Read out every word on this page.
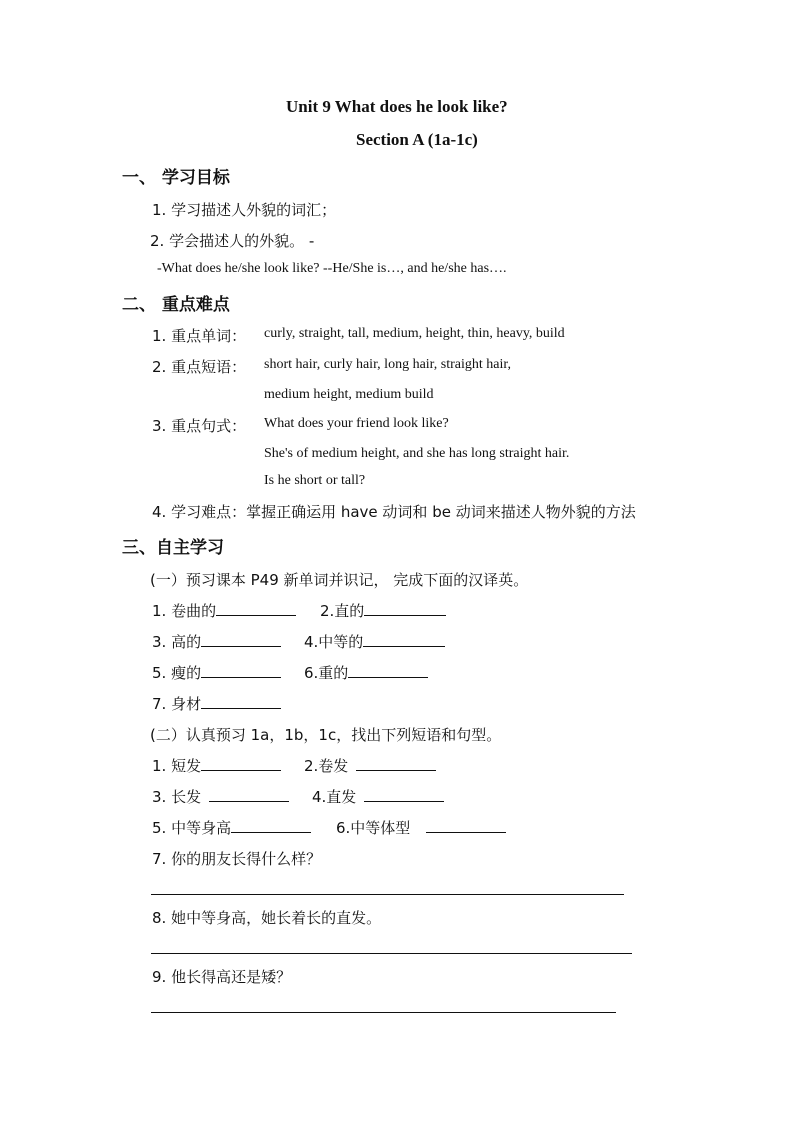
Unit 9 What does he look like?
Section A (1a-1c)
一、 学习目标
1. 学习描述人外貌的词汇；
2. 学会描述人的外貌。 -
-What does he/she look like? --He/She is…, and he/she has….
二、 重点难点
1. 重点单词： curly, straight, tall, medium, height, thin, heavy, build
2. 重点短语： short hair, curly hair, long hair, straight hair,
medium height, medium build
3. 重点句式： What does your friend look like?
She's of medium height, and she has long straight hair.
Is he short or tall?
4. 学习难点：掌握正确运用 have 动词和 be 动词来描述人物外貌的方法
三、自主学习
(一）预习课本 P49 新单词并识记， 完成下面的汉译英。
1. 卷曲的	2.直的
3. 高的	4.中等的
5. 瘦的	6.重的
7. 身材
(二）认真预习 1a，1b，1c，找出下列短语和句型。
1. 短发	2.卷发
3. 长发	4.直发
5. 中等身高	6.中等体型
7. 你的朋友长得什么样？
8. 她中等身高，她长着长的直发。
9. 他长得高还是矮？
